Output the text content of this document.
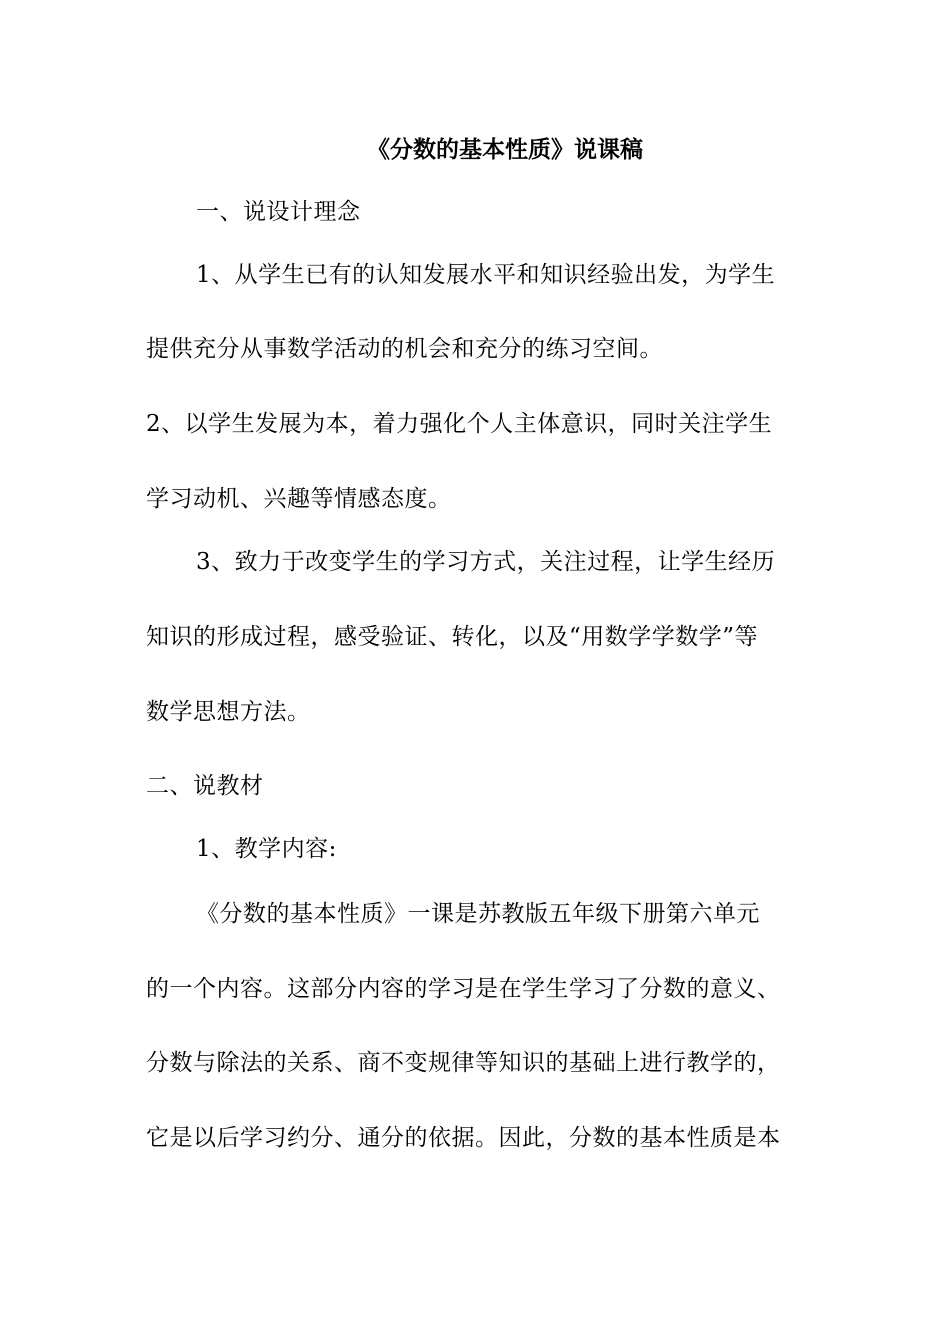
《分数的基本性质》说课稿
一、说设计理念
1、从学生已有的认知发展水平和知识经验出发，为学生
提供充分从事数学活动的机会和充分的练习空间。
2、以学生发展为本，着力强化个人主体意识，同时关注学生
学习动机、兴趣等情感态度。
3、致力于改变学生的学习方式，关注过程，让学生经历
知识的形成过程，感受验证、转化，以及“用数学学数学”等
数学思想方法。
二、说教材
1、教学内容:
《分数的基本性质》一课是苏教版五年级下册第六单元
的一个内容。这部分内容的学习是在学生学习了分数的意义、
分数与除法的关系、商不变规律等知识的基础上进行教学的，
它是以后学习约分、通分的依据。因此，分数的基本性质是本
